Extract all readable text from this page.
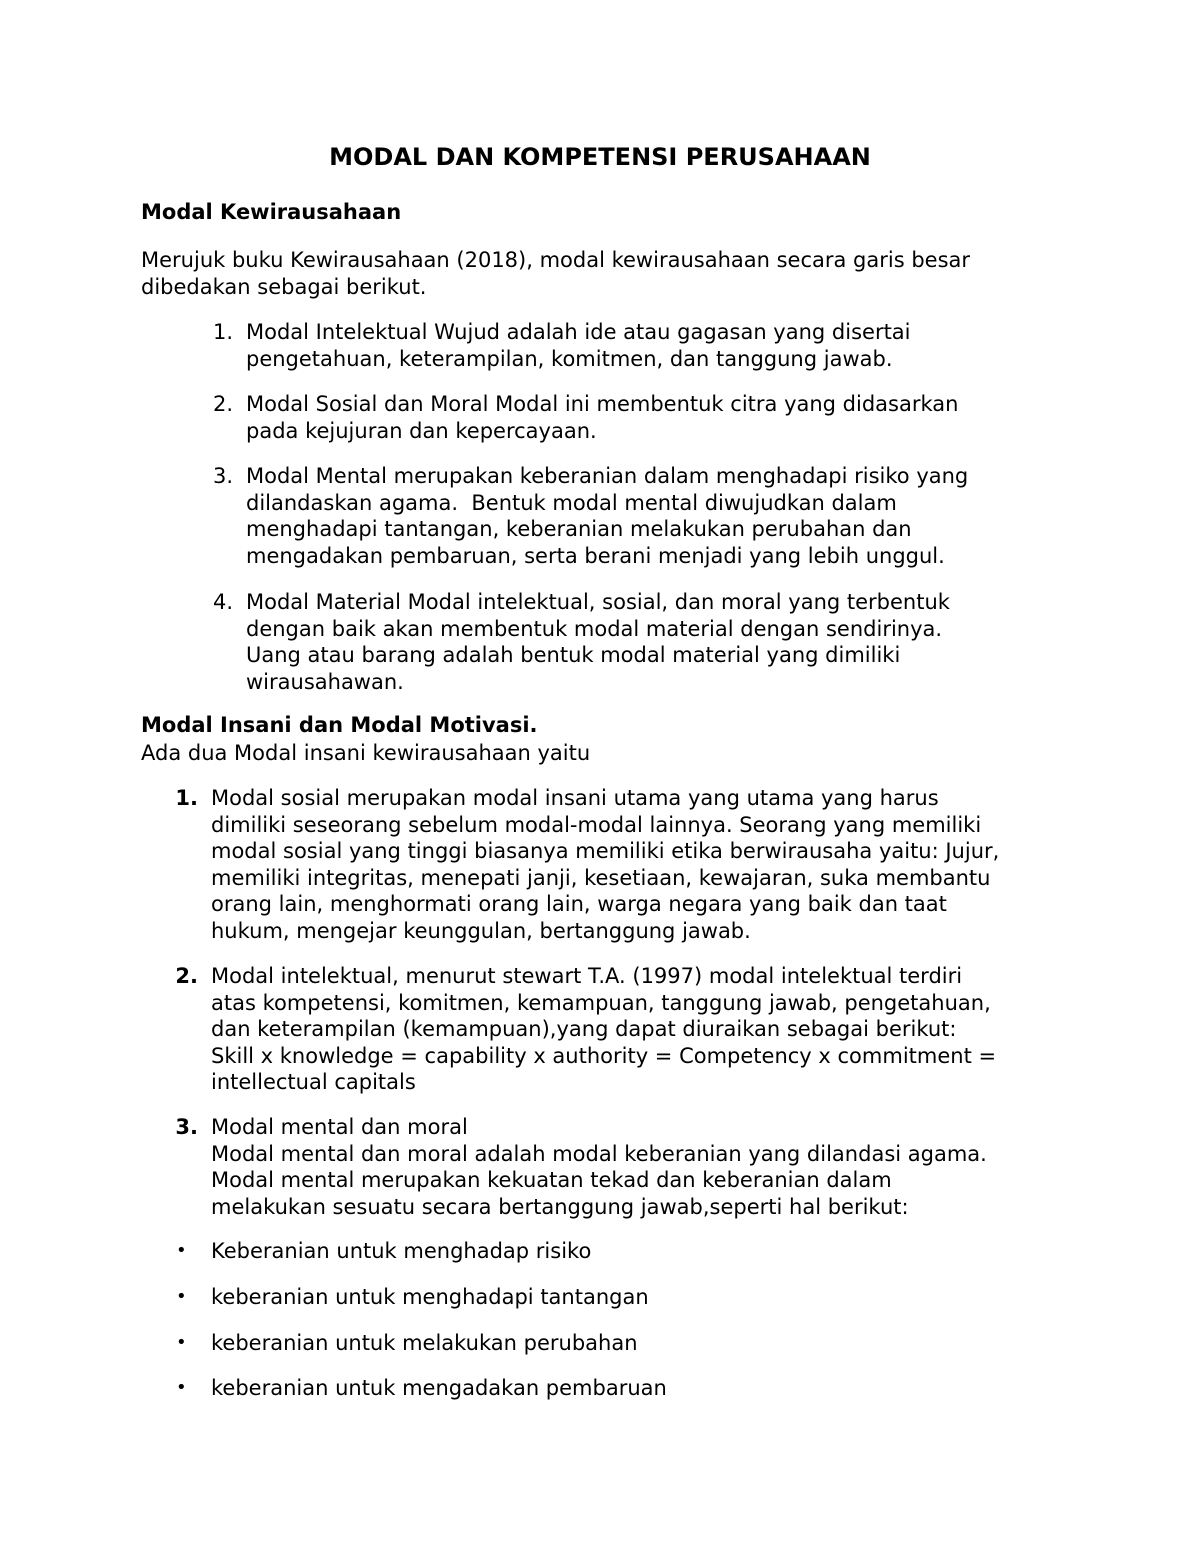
MODAL DAN KOMPETENSI PERUSAHAAN
Modal Kewirausahaan
Merujuk buku Kewirausahaan (2018), modal kewirausahaan secara garis besar
dibedakan sebagai berikut.
1. Modal Intelektual Wujud adalah ide atau gagasan yang disertai
pengetahuan, keterampilan, komitmen, dan tanggung jawab.
2. Modal Sosial dan Moral Modal ini membentuk citra yang didasarkan
pada kejujuran dan kepercayaan.
3. Modal Mental merupakan keberanian dalam menghadapi risiko yang
dilandaskan agama.  Bentuk modal mental diwujudkan dalam
menghadapi tantangan, keberanian melakukan perubahan dan
mengadakan pembaruan, serta berani menjadi yang lebih unggul.
4. Modal Material Modal intelektual, sosial, dan moral yang terbentuk
dengan baik akan membentuk modal material dengan sendirinya.
Uang atau barang adalah bentuk modal material yang dimiliki
wirausahawan.
Modal Insani dan Modal Motivasi.
Ada dua Modal insani kewirausahaan yaitu
1. Modal sosial merupakan modal insani utama yang utama yang harus
dimiliki seseorang sebelum modal-modal lainnya. Seorang yang memiliki
modal sosial yang tinggi biasanya memiliki etika berwirausaha yaitu: Jujur,
memiliki integritas, menepati janji, kesetiaan, kewajaran, suka membantu
orang lain, menghormati orang lain, warga negara yang baik dan taat
hukum, mengejar keunggulan, bertanggung jawab.
2. Modal intelektual, menurut stewart T.A. (1997) modal intelektual terdiri
atas kompetensi, komitmen, kemampuan, tanggung jawab, pengetahuan,
dan keterampilan (kemampuan),yang dapat diuraikan sebagai berikut:
Skill x knowledge = capability x authority = Competency x commitment =
intellectual capitals
3. Modal mental dan moral
Modal mental dan moral adalah modal keberanian yang dilandasi agama.
Modal mental merupakan kekuatan tekad dan keberanian dalam
melakukan sesuatu secara bertanggung jawab,seperti hal berikut:
• Keberanian untuk menghadap risiko
• keberanian untuk menghadapi tantangan
• keberanian untuk melakukan perubahan
• keberanian untuk mengadakan pembaruan
